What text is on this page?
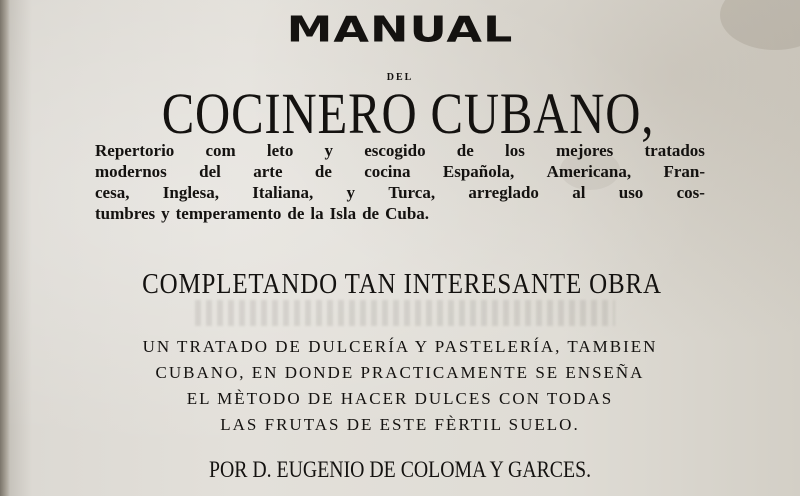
MANUAL
DEL
COCINERO CUBANO,
Repertorio com leto y escogido de los mejores tratados
modernos del arte de cocina Española, Americana, Fran-
cesa, Inglesa, Italiana, y Turca, arreglado al uso cos-
tumbres y temperamento de la Isla de Cuba.
COMPLETANDO TAN INTERESANTE OBRA
UN TRATADO DE DULCERÍA Y PASTELERÍA, TAMBIEN
CUBANO, EN DONDE PRACTICAMENTE SE ENSEÑA
EL MÈTODO DE HACER DULCES CON TODAS
LAS FRUTAS DE ESTE FÈRTIL SUELO.
POR D. EUGENIO DE COLOMA Y GARCES.
